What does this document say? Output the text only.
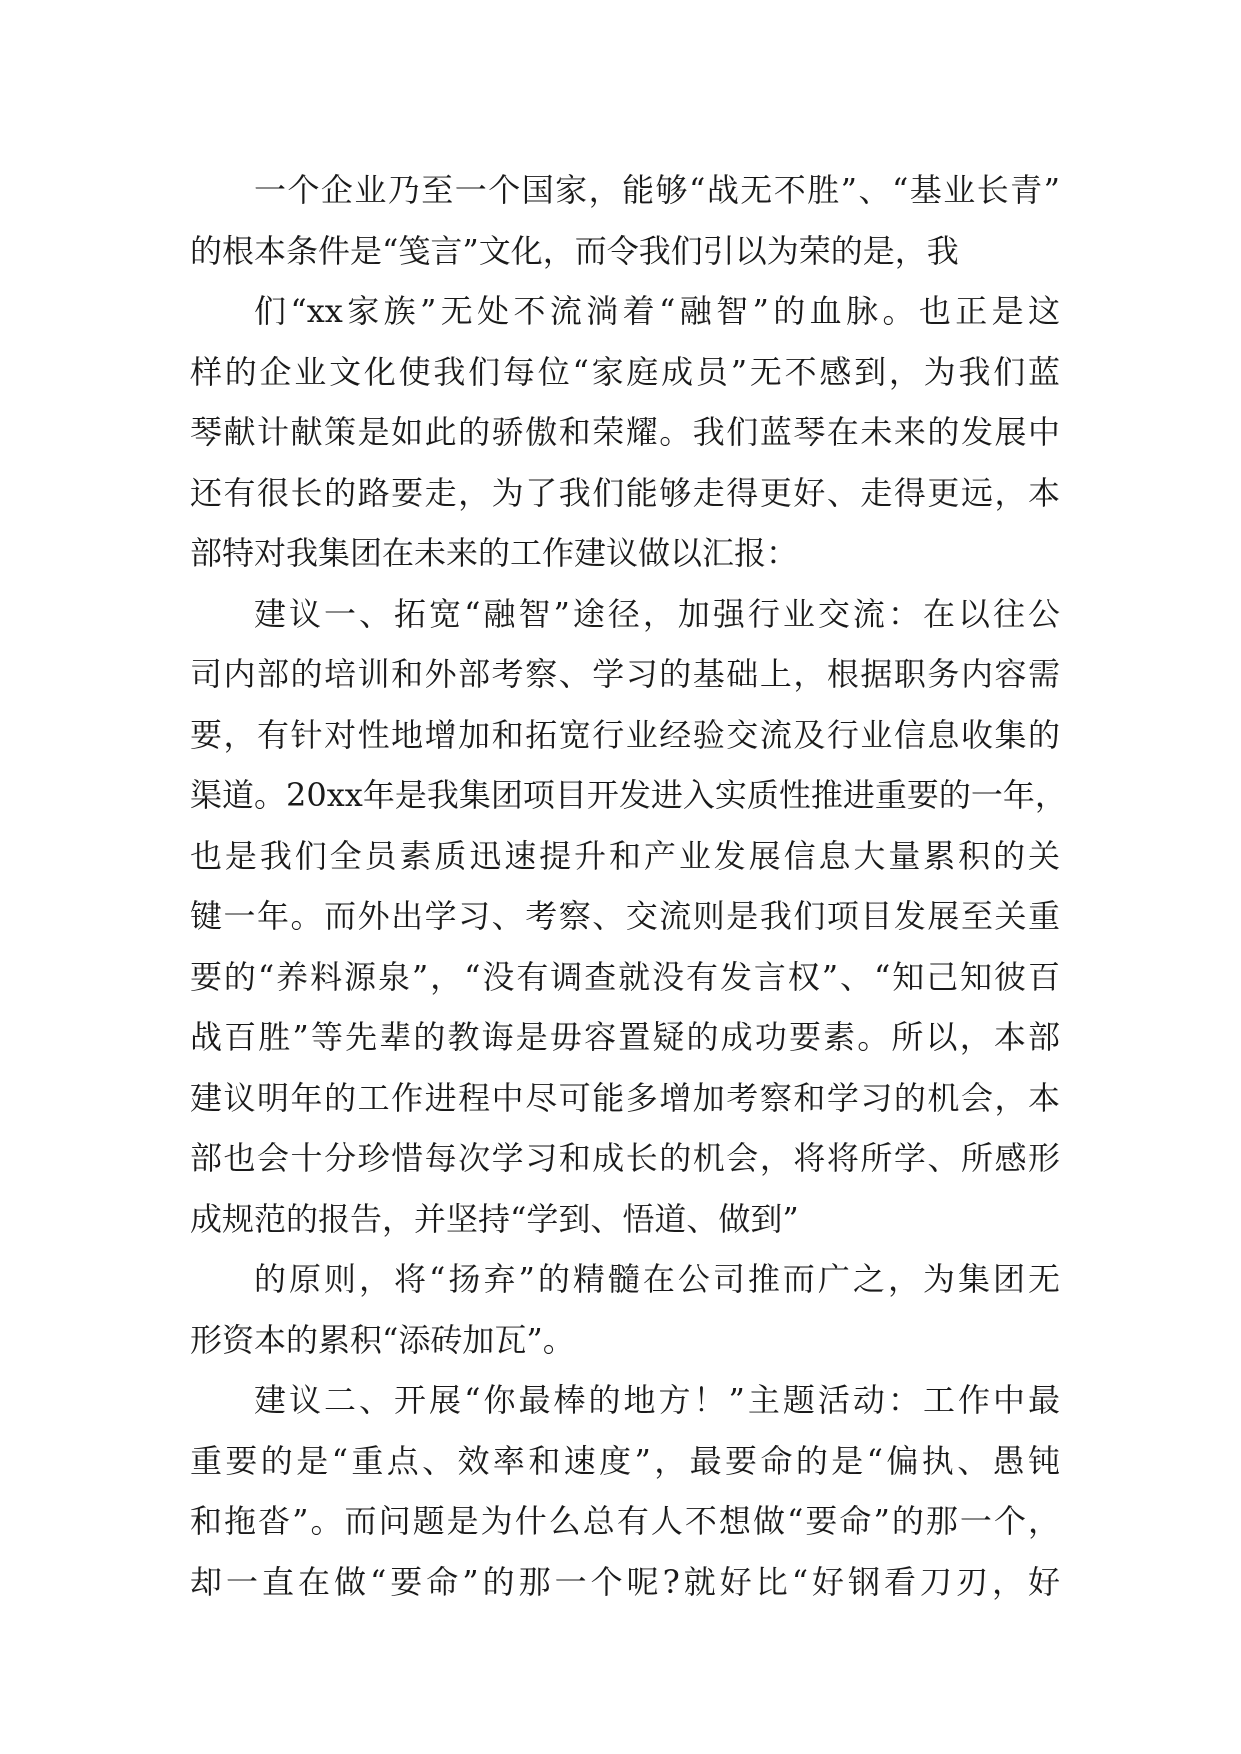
一个企业乃至一个国家，能够“战无不胜”、“基业长青”
的根本条件是“笺言”文化，而令我们引以为荣的是，我
们“xx家族”无处不流淌着“融智”的血脉。也正是这
样的企业文化使我们每位“家庭成员”无不感到，为我们蓝
琴献计献策是如此的骄傲和荣耀。我们蓝琴在未来的发展中
还有很长的路要走，为了我们能够走得更好、走得更远，本
部特对我集团在未来的工作建议做以汇报：
建议一、拓宽“融智”途径，加强行业交流：在以往公
司内部的培训和外部考察、学习的基础上，根据职务内容需
要，有针对性地增加和拓宽行业经验交流及行业信息收集的
渠道。20xx年是我集团项目开发进入实质性推进重要的一年，
也是我们全员素质迅速提升和产业发展信息大量累积的关
键一年。而外出学习、考察、交流则是我们项目发展至关重
要的“养料源泉”，“没有调查就没有发言权”、“知己知彼百
战百胜”等先辈的教诲是毋容置疑的成功要素。所以，本部
建议明年的工作进程中尽可能多增加考察和学习的机会，本
部也会十分珍惜每次学习和成长的机会，将将所学、所感形
成规范的报告，并坚持“学到、悟道、做到”
的原则，将“扬弃”的精髓在公司推而广之，为集团无
形资本的累积“添砖加瓦”。
建议二、开展“你最棒的地方！”主题活动：工作中最
重要的是“重点、效率和速度”，最要命的是“偏执、愚钝
和拖沓”。而问题是为什么总有人不想做“要命”的那一个，
却一直在做“要命”的那一个呢?就好比“好钢看刀刃，好
